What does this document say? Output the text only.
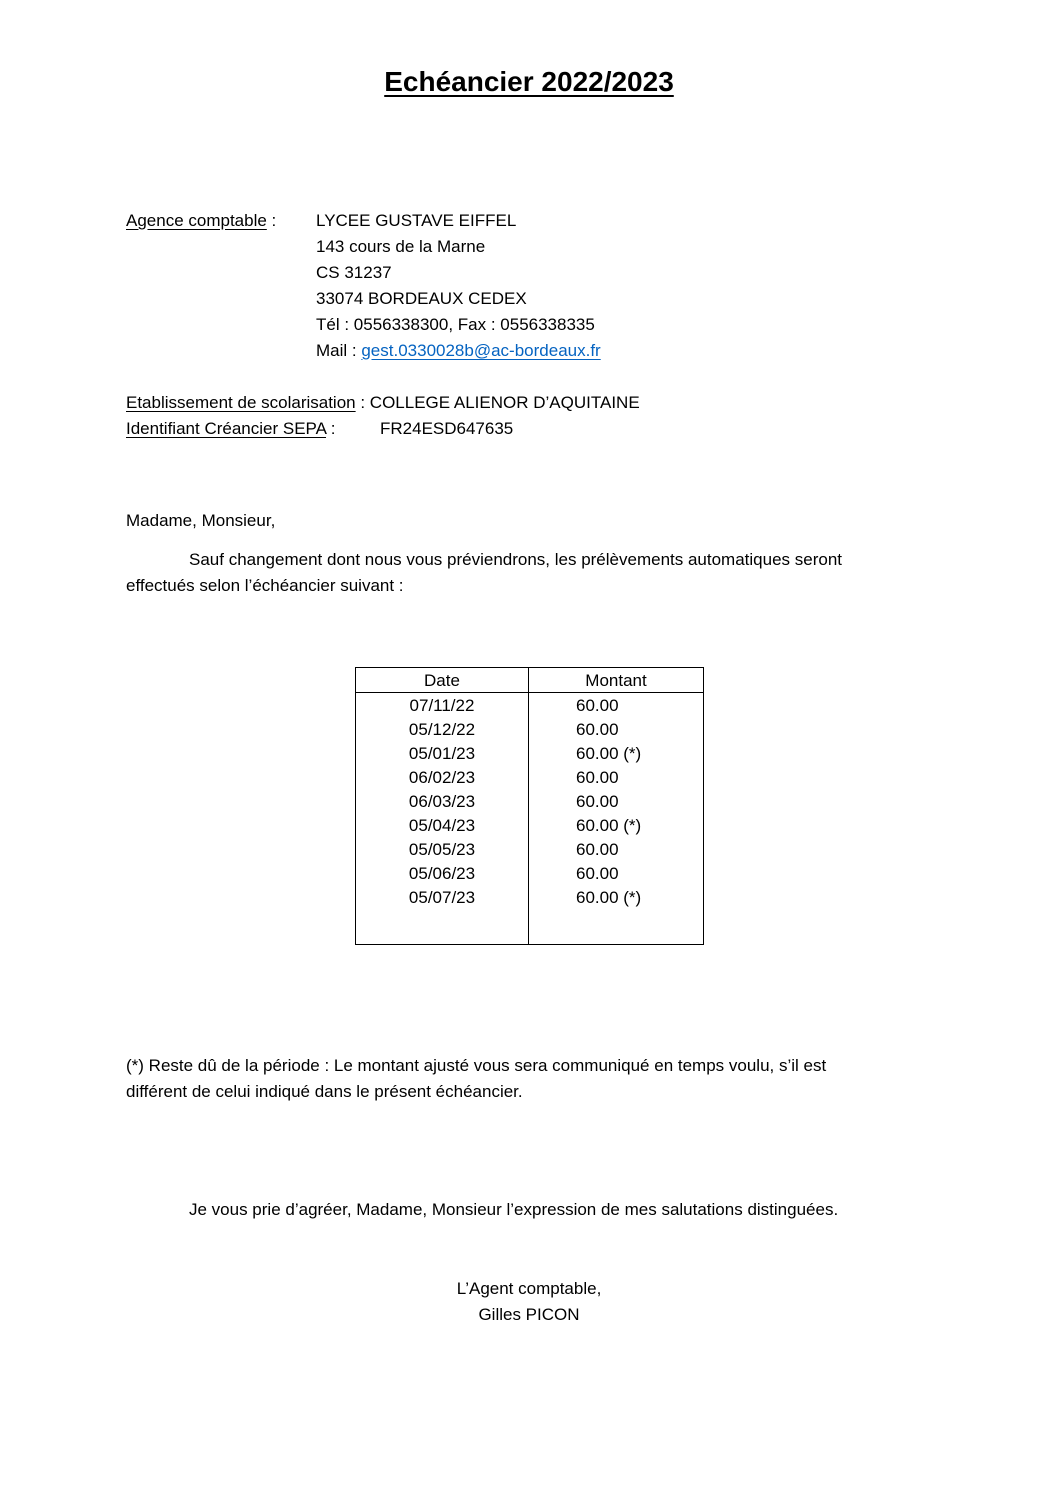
Echéancier 2022/2023
Agence comptable : LYCEE GUSTAVE EIFFEL
143 cours de la Marne
CS 31237
33074 BORDEAUX CEDEX
Tél : 0556338300, Fax : 0556338335
Mail : gest.0330028b@ac-bordeaux.fr
Etablissement de scolarisation : COLLEGE ALIENOR D’AQUITAINE
Identifiant Créancier SEPA :	FR24ESD647635
Madame, Monsieur,
Sauf changement dont nous vous préviendrons, les prélèvements automatiques seront
effectués selon l’échéancier suivant :
Date	Montant
07/11/22	60.00
05/12/22	60.00
05/01/23	60.00 (*)
06/02/23	60.00
06/03/23	60.00
05/04/23	60.00 (*)
05/05/23	60.00
05/06/23	60.00
05/07/23	60.00 (*)
(*) Reste dû de la période : Le montant ajusté vous sera communiqué en temps voulu, s’il est
différent de celui indiqué dans le présent échéancier.
Je vous prie d’agréer, Madame, Monsieur l’expression de mes salutations distinguées.
L’Agent comptable,
Gilles PICON
